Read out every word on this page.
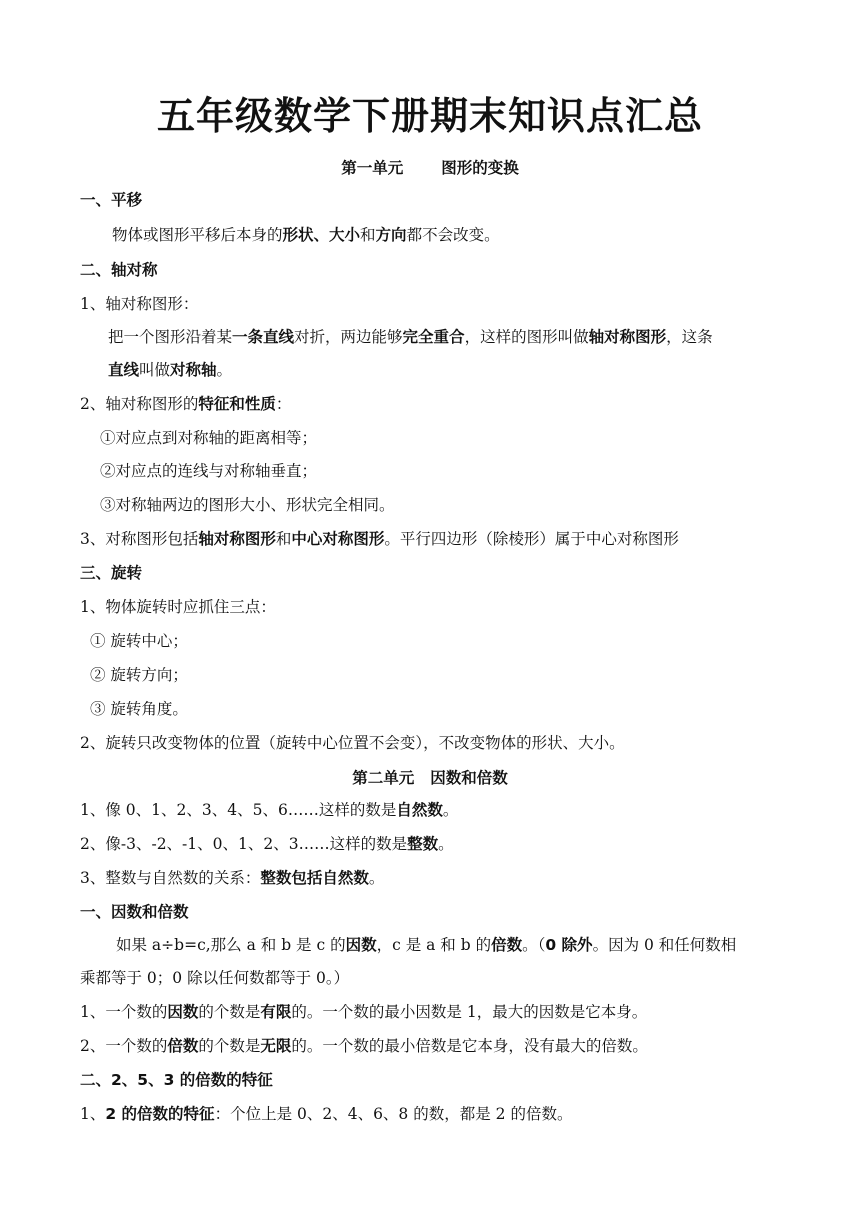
五年级数学下册期末知识点汇总
第一单元 图形的变换
一、平移
物体或图形平移后本身的形状、大小和方向都不会改变。
二、轴对称
1、轴对称图形：
把一个图形沿着某一条直线对折，两边能够完全重合，这样的图形叫做轴对称图形，这条
直线叫做对称轴。
2、轴对称图形的特征和性质：
①对应点到对称轴的距离相等；
②对应点的连线与对称轴垂直；
③对称轴两边的图形大小、形状完全相同。
3、对称图形包括轴对称图形和中心对称图形。平行四边形（除棱形）属于中心对称图形
三、旋转
1、物体旋转时应抓住三点：
① 旋转中心；
② 旋转方向；
③ 旋转角度。
2、旋转只改变物体的位置（旋转中心位置不会变），不改变物体的形状、大小。
第二单元 因数和倍数
1、像 0、1、2、3、4、5、6……这样的数是自然数。
2、像-3、-2、-1、0、1、2、3……这样的数是整数。
3、整数与自然数的关系：整数包括自然数。
一、因数和倍数
如果 a÷b=c,那么 a 和 b 是 c 的因数，c 是 a 和 b 的倍数。（0 除外。因为 0 和任何数相
乘都等于 0；0 除以任何数都等于 0。）
1、一个数的因数的个数是有限的。一个数的最小因数是 1，最大的因数是它本身。
2、一个数的倍数的个数是无限的。一个数的最小倍数是它本身，没有最大的倍数。
二、2、5、3 的倍数的特征
1、2 的倍数的特征：个位上是 0、2、4、6、8 的数，都是 2 的倍数。
